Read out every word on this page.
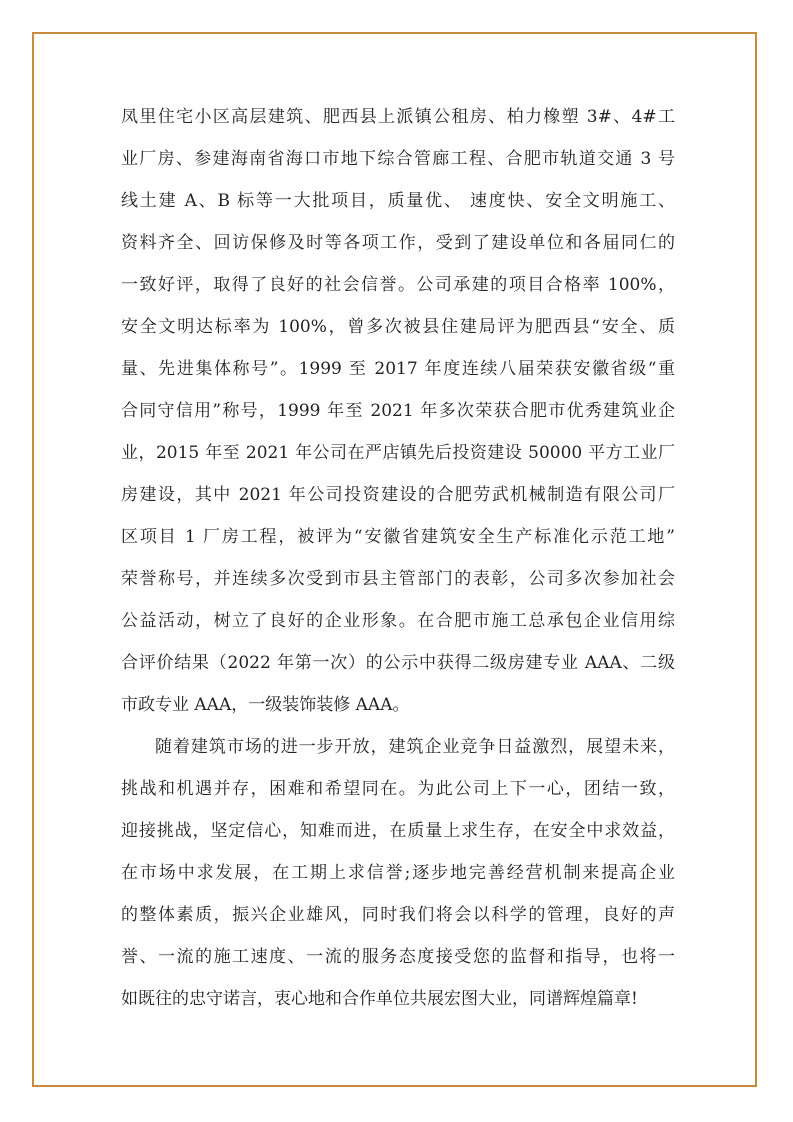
凤里住宅小区高层建筑、肥西县上派镇公租房、柏力橡塑 3#、4#工
业厂房、参建海南省海口市地下综合管廊工程、合肥市轨道交通 3 号
线土建 A、B 标等一大批项目，质量优、 速度快、安全文明施工、
资料齐全、回访保修及时等各项工作，受到了建设单位和各届同仁的
一致好评，取得了良好的社会信誉。公司承建的项目合格率 100%，
安全文明达标率为 100%，曾多次被县住建局评为肥西县“安全、质
量、先进集体称号”。1999 至 2017 年度连续八届荣获安徽省级“重
合同守信用”称号，1999 年至 2021 年多次荣获合肥市优秀建筑业企
业，2015 年至 2021 年公司在严店镇先后投资建设 50000 平方工业厂
房建设，其中 2021 年公司投资建设的合肥劳武机械制造有限公司厂
区项目 1 厂房工程，被评为“安徽省建筑安全生产标准化示范工地”
荣誉称号，并连续多次受到市县主管部门的表彰，公司多次参加社会
公益活动，树立了良好的企业形象。在合肥市施工总承包企业信用综
合评价结果（2022 年第一次）的公示中获得二级房建专业 AAA、二级
市政专业 AAA，一级装饰装修 AAA。
随着建筑市场的进一步开放，建筑企业竞争日益激烈，展望未来，
挑战和机遇并存，困难和希望同在。为此公司上下一心，团结一致，
迎接挑战，坚定信心，知难而进，在质量上求生存，在安全中求效益，
在市场中求发展，在工期上求信誉;逐步地完善经营机制来提高企业
的整体素质，振兴企业雄风，同时我们将会以科学的管理，良好的声
誉、一流的施工速度、一流的服务态度接受您的监督和指导，也将一
如既往的忠守诺言，衷心地和合作单位共展宏图大业，同谱辉煌篇章!
